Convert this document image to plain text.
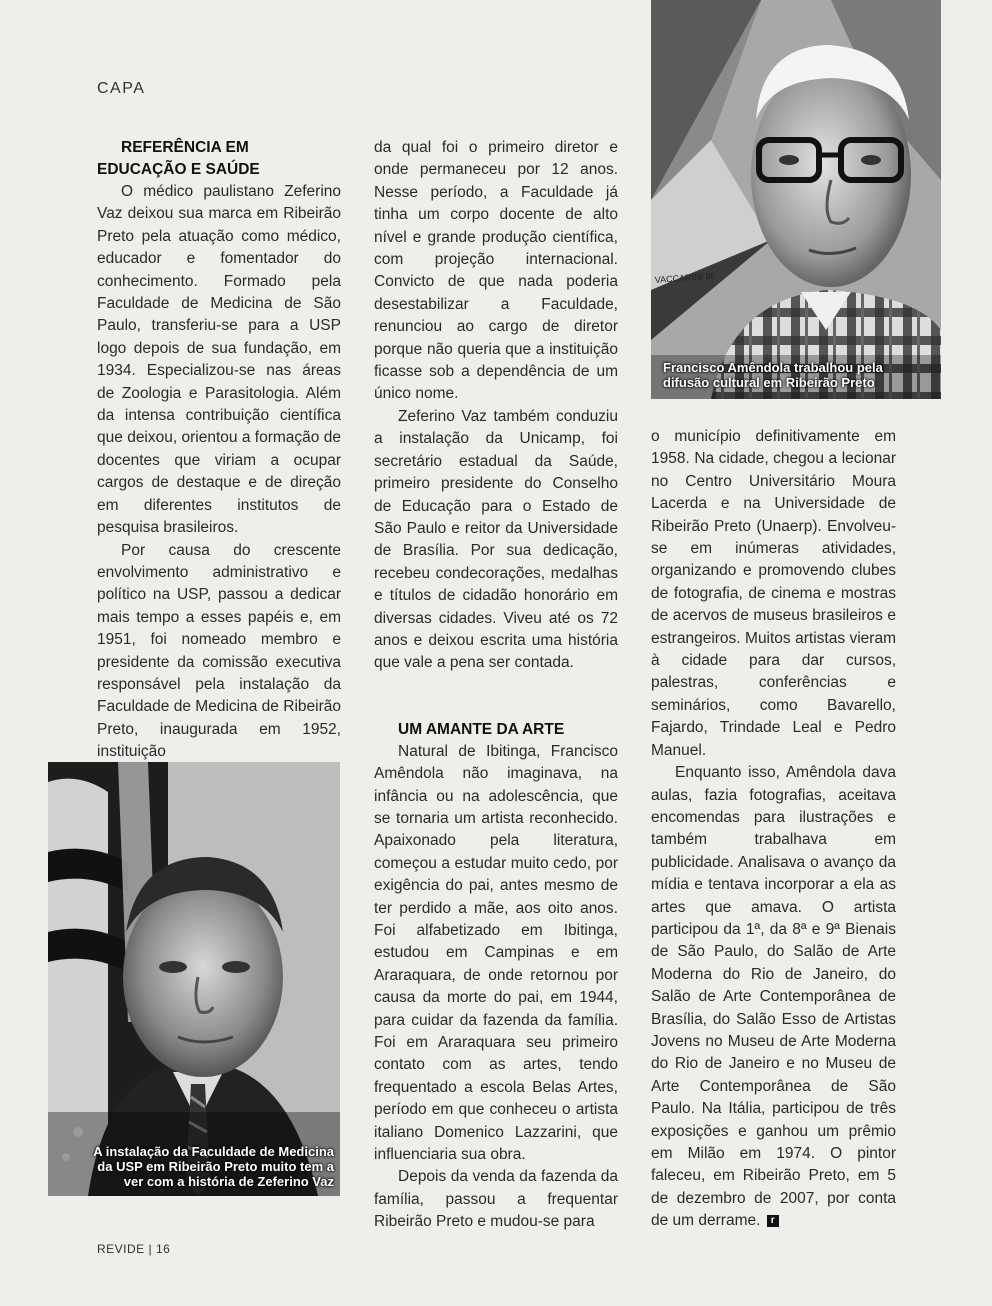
CAPA
REFERÊNCIA EM
EDUCAÇÃO E SAÚDE

O médico paulistano Zeferino Vaz deixou sua marca em Ribeirão Preto pela atuação como médico, educador e fomentador do conhecimento. Formado pela Faculdade de Medicina de São Paulo, transferiu-se para a USP logo depois de sua fundação, em 1934. Especializou-se nas áreas de Zoologia e Parasitologia. Além da intensa contribuição científica que deixou, orientou a formação de docentes que viriam a ocupar cargos de destaque e de direção em diferentes institutos de pesquisa brasileiros.

Por causa do crescente envolvimento administrativo e político na USP, passou a dedicar mais tempo a esses papéis e, em 1951, foi nomeado membro e presidente da comissão executiva responsável pela instalação da Faculdade de Medicina de Ribeirão Preto, inaugurada em 1952, instituição

A instalação da Faculdade de Medicina da USP em Ribeirão Preto muito tem a ver com a história de Zeferino Vaz

da qual foi o primeiro diretor e onde permaneceu por 12 anos. Nesse período, a Faculdade já tinha um corpo docente de alto nível e grande produção científica, com projeção internacional. Convicto de que nada poderia desestabilizar a Faculdade, renunciou ao cargo de diretor porque não queria que a instituição ficasse sob a dependência de um único nome.

Zeferino Vaz também conduziu a instalação da Unicamp, foi secretário estadual da Saúde, primeiro presidente do Conselho de Educação para o Estado de São Paulo e reitor da Universidade de Brasília. Por sua dedicação, recebeu condecorações, medalhas e títulos de cidadão honorário em diversas cidades. Viveu até os 72 anos e deixou escrita uma história que vale a pena ser contada.

UM AMANTE DA ARTE

Natural de Ibitinga, Francisco Amêndola não imaginava, na infância ou na adolescência, que se tornaria um artista reconhecido. Apaixonado pela literatura, começou a estudar muito cedo, por exigência do pai, antes mesmo de ter perdido a mãe, aos oito anos. Foi alfabetizado em Ibitinga, estudou em Campinas e em Araraquara, de onde retornou por causa da morte do pai, em 1944, para cuidar da fazenda da família. Foi em Araraquara seu primeiro contato com as artes, tendo frequentado a escola Belas Artes, período em que conheceu o artista italiano Domenico Lazzarini, que influenciaria sua obra.

Depois da venda da fazenda da família, passou a frequentar Ribeirão Preto e mudou-se para

VACCARINI 95
Francisco Amêndola trabalhou pela
difusão cultural em Ribeirão Preto

o município definitivamente em 1958. Na cidade, chegou a lecionar no Centro Universitário Moura Lacerda e na Universidade de Ribeirão Preto (Unaerp). Envolveu-se em inúmeras atividades, organizando e promovendo clubes de fotografia, de cinema e mostras de acervos de museus brasileiros e estrangeiros. Muitos artistas vieram à cidade para dar cursos, palestras, conferências e seminários, como Bavarello, Fajardo, Trindade Leal e Pedro Manuel.

Enquanto isso, Amêndola dava aulas, fazia fotografias, aceitava encomendas para ilustrações e também trabalhava em publicidade. Analisava o avanço da mídia e tentava incorporar a ela as artes que amava. O artista participou da 1ª, da 8ª e 9ª Bienais de São Paulo, do Salão de Arte Moderna do Rio de Janeiro, do Salão de Arte Contemporânea de Brasília, do Salão Esso de Artistas Jovens no Museu de Arte Moderna do Rio de Janeiro e no Museu de Arte Contemporânea de São Paulo. Na Itália, participou de três exposições e ganhou um prêmio em Milão em 1974. O pintor faleceu, em Ribeirão Preto, em 5 de dezembro de 2007, por conta de um derrame. r

REVIDE | 16
